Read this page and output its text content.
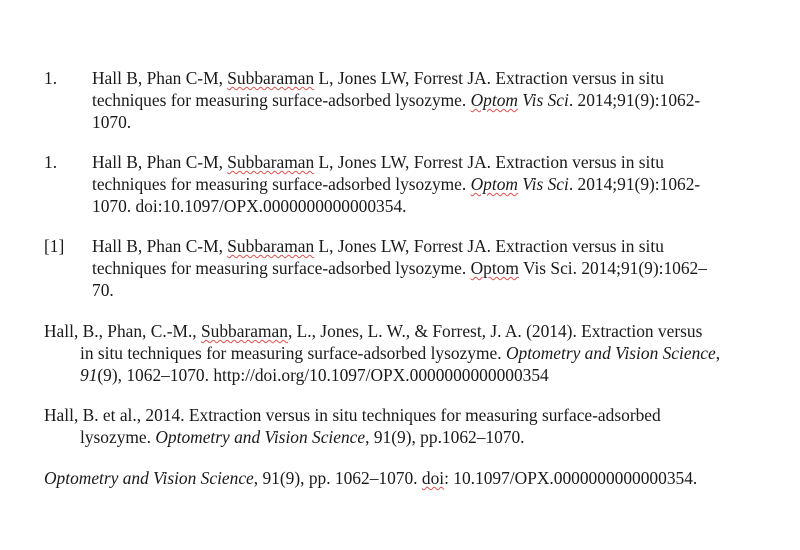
1. Hall B, Phan C-M, Subbaraman L, Jones LW, Forrest JA. Extraction versus in situ
techniques for measuring surface-adsorbed lysozyme. Optom Vis Sci. 2014;91(9):1062-
1070.
1. Hall B, Phan C-M, Subbaraman L, Jones LW, Forrest JA. Extraction versus in situ
techniques for measuring surface-adsorbed lysozyme. Optom Vis Sci. 2014;91(9):1062-
1070. doi:10.1097/OPX.0000000000000354.
[1] Hall B, Phan C-M, Subbaraman L, Jones LW, Forrest JA. Extraction versus in situ
techniques for measuring surface-adsorbed lysozyme. Optom Vis Sci. 2014;91(9):1062–
70.
Hall, B., Phan, C.-M., Subbaraman, L., Jones, L. W., & Forrest, J. A. (2014). Extraction versus
in situ techniques for measuring surface-adsorbed lysozyme. Optometry and Vision Science,
91(9), 1062–1070. http://doi.org/10.1097/OPX.0000000000000354
Hall, B. et al., 2014. Extraction versus in situ techniques for measuring surface-adsorbed
lysozyme. Optometry and Vision Science, 91(9), pp.1062–1070.
Optometry and Vision Science, 91(9), pp. 1062–1070. doi: 10.1097/OPX.0000000000000354.
